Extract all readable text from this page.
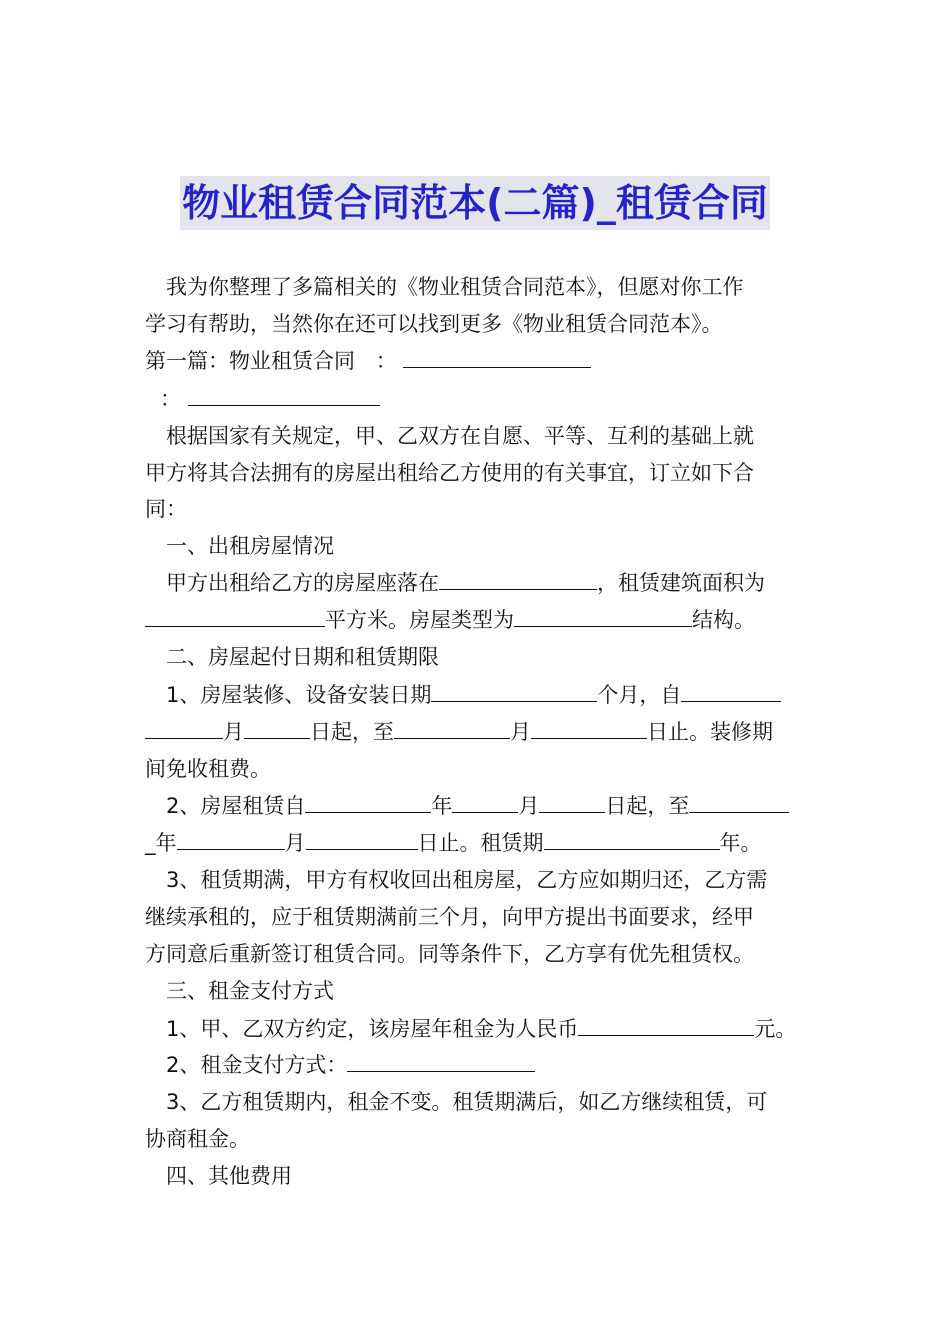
物业租赁合同范本(二篇)_租赁合同
我为你整理了多篇相关的《物业租赁合同范本》，但愿对你工作
学习有帮助，当然你在还可以找到更多《物业租赁合同范本》。
第一篇：物业租赁合同 ：
：
根据国家有关规定，甲、乙双方在自愿、平等、互利的基础上就
甲方将其合法拥有的房屋出租给乙方使用的有关事宜，订立如下合
同：
一、出租房屋情况
甲方出租给乙方的房屋座落在	，租赁建筑面积为
平方米。房屋类型为	结构。
二、房屋起付日期和租赁期限
1、房屋装修、设备安装日期	个月，自
月	日起，至	月	日止。装修期
间免收租费。
2、房屋租赁自	年	月	日起，至
_年	月	日止。租赁期	年。
3、租赁期满，甲方有权收回出租房屋，乙方应如期归还，乙方需
继续承租的，应于租赁期满前三个月，向甲方提出书面要求，经甲
方同意后重新签订租赁合同。同等条件下，乙方享有优先租赁权。
三、租金支付方式
1、甲、乙双方约定，该房屋年租金为人民币	元。
2、租金支付方式：
3、乙方租赁期内，租金不变。租赁期满后，如乙方继续租赁，可
协商租金。
四、其他费用
